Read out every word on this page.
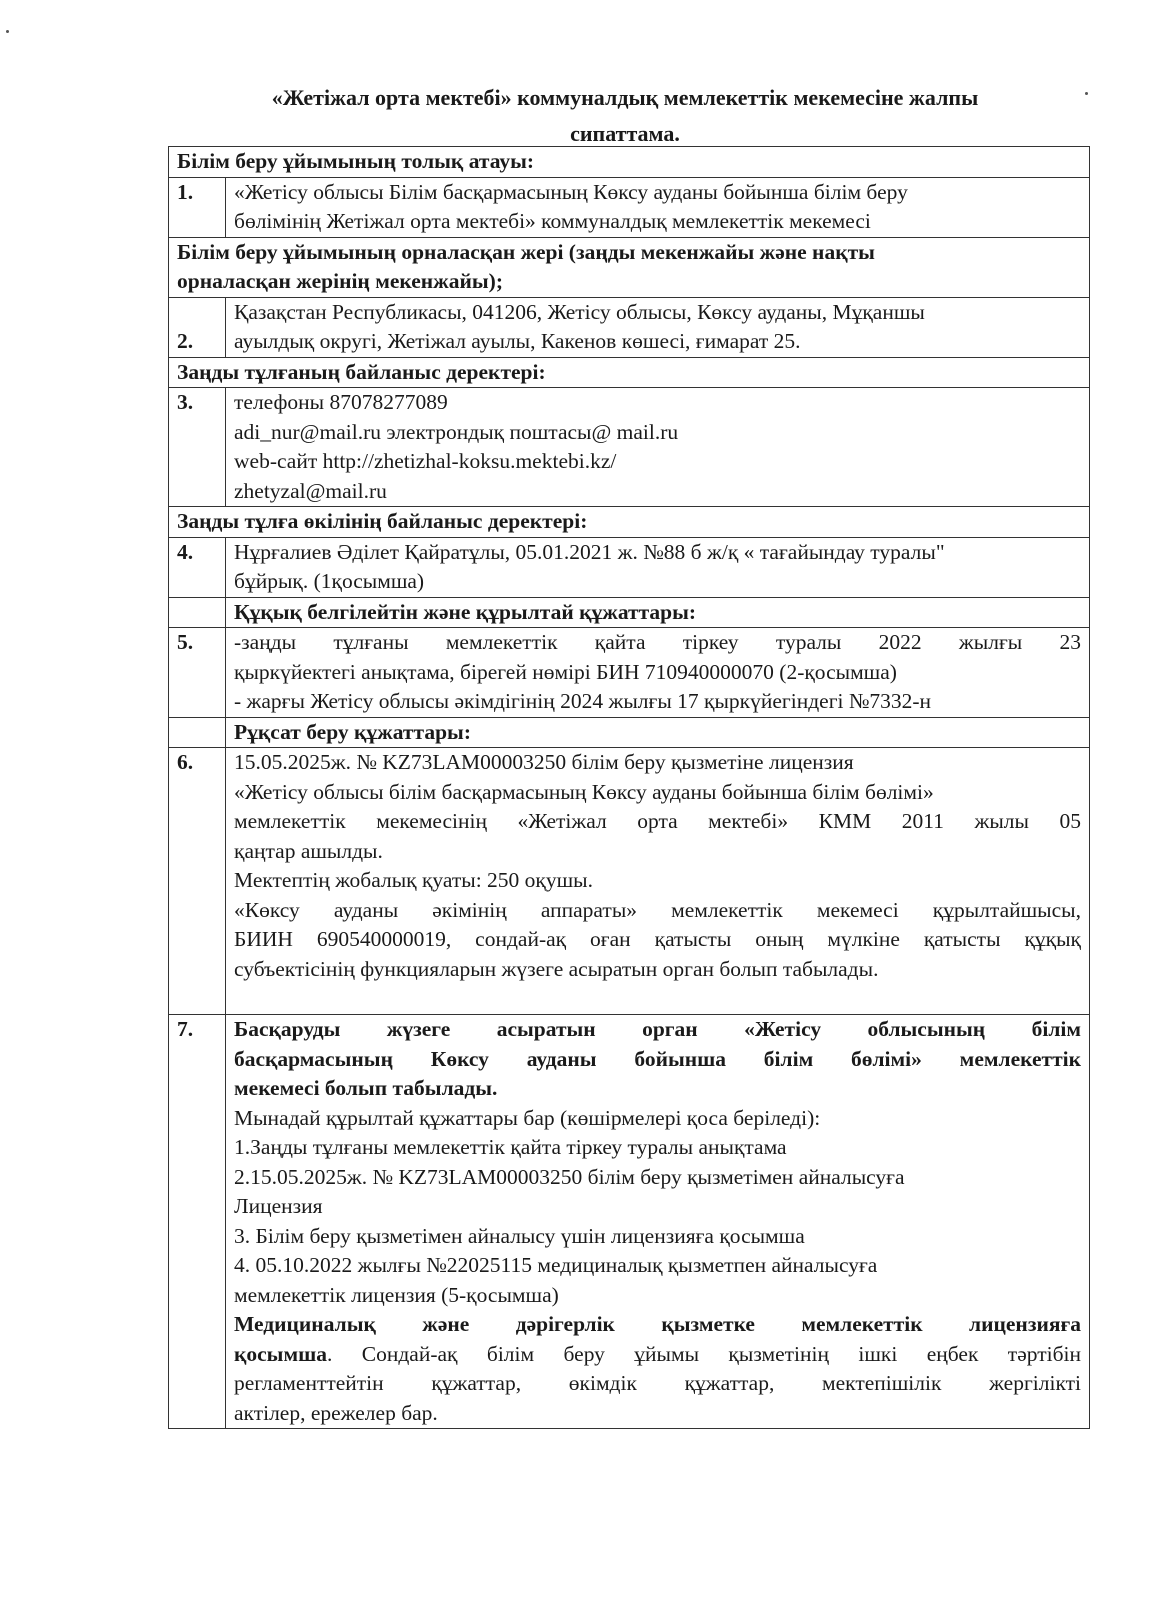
«Жетіжал орта мектебі» коммуналдық мемлекеттік мекемесіне жалпы
сипаттама.
Білім беру ұйымының толық атауы:	
1.	«Жетісу облысы Білім басқармасының Көксу ауданы бойынша білім беру
бөлімінің Жетіжал орта мектебі» коммуналдық мемлекеттік мекемесі

Білім беру ұйымының орналасқан жері (заңды мекенжайы және нақты
орналасқан жерінің мекенжайы);	

2.	Қазақстан Республикасы, 041206, Жетісу облысы, Көксу ауданы, Мұқаншы
ауылдық округі, Жетіжал ауылы, Какенов көшесі, ғимарат 25.

Заңды тұлғаның байланыс деректері:	
3.	телефоны 87078277089
adi_nur@mail.ru электрондық поштасы@ mail.ru
web-сайт http://zhetizhal-koksu.mektebi.kz/
zhetyzal@mail.ru

Заңды тұлға өкілінің байланыс деректері:	
4.	Нұрғалиев Әділет Қайратұлы, 05.01.2021 ж. №88 б ж/қ « тағайындау туралы"
бұйрық. (1қосымша)

	Құқық белгілейтін және құрылтай құжаттары:
5.	-заңды тұлғаны мемлекеттік қайта тіркеу туралы 2022 жылғы 23
қыркүйектегі анықтама, бірегей нөмірі БИН 710940000070 (2-қосымша)
- жарғы Жетісу облысы әкімдігінің 2024 жылғы 17 қыркүйегіндегі №7332-н

	Рұқсат беру құжаттары:
6.	15.05.2025ж. № KZ73LAM00003250 білім беру қызметіне лицензия
«Жетісу облысы білім басқармасының Көксу ауданы бойынша білім бөлімі»
мемлекеттік мекемесінің «Жетіжал орта мектебі» КММ 2011 жылы 05
қаңтар ашылды.
Мектептің жобалық қуаты: 250 оқушы.
«Көксу ауданы әкімінің аппараты» мемлекеттік мекемесі құрылтайшысы,
БИИН 690540000019, сондай-ақ оған қатысты оның мүлкіне қатысты құқық
субъектісінің функцияларын жүзеге асыратын орган болып табылады.

7.	Басқаруды жүзеге асыратын орган «Жетісу облысының білім
басқармасының Көксу ауданы бойынша білім бөлімі» мемлекеттік
мекемесі болып табылады.
Мынадай құрылтай құжаттары бар (көшірмелері қоса беріледі):
1.Заңды тұлғаны мемлекеттік қайта тіркеу туралы анықтама
2.15.05.2025ж. № KZ73LAM00003250 білім беру қызметімен айналысуға
Лицензия
3. Білім беру қызметімен айналысу үшін лицензияға қосымша
4. 05.10.2022 жылғы №22025115 медициналық қызметпен айналысуға
мемлекеттік лицензия (5-қосымша)
Медициналық және дәрігерлік қызметке мемлекеттік лицензияға
қосымша. Сондай-ақ білім беру ұйымы қызметінің ішкі еңбек тәртібін
регламенттейтін құжаттар, өкімдік құжаттар, мектепішілік жергілікті
актілер, ережелер бар.
